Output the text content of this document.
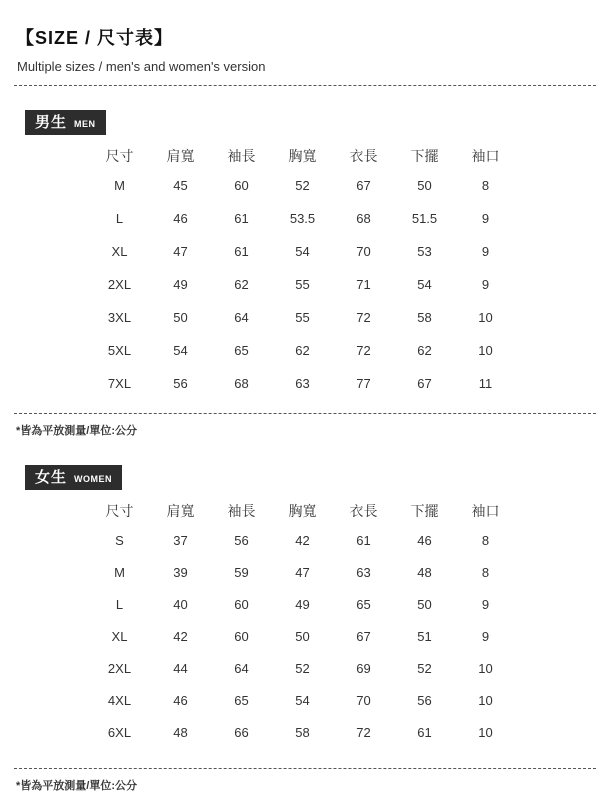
【SIZE / 尺寸表】

Multiple sizes / men's and women's version

男生 MEN
尺寸	肩寬	袖長	胸寬	衣長	下擺	袖口
M	45	60	52	67	50	8
L	46	61	53.5	68	51.5	9
XL	47	61	54	70	53	9
2XL	49	62	55	71	54	9
3XL	50	64	55	72	58	10
5XL	54	65	62	72	62	10
7XL	56	68	63	77	67	11

*皆為平放測量/單位:公分

女生 WOMEN
尺寸	肩寬	袖長	胸寬	衣長	下擺	袖口
S	37	56	42	61	46	8
M	39	59	47	63	48	8
L	40	60	49	65	50	9
XL	42	60	50	67	51	9
2XL	44	64	52	69	52	10
4XL	46	65	54	70	56	10
6XL	48	66	58	72	61	10

*皆為平放測量/單位:公分
